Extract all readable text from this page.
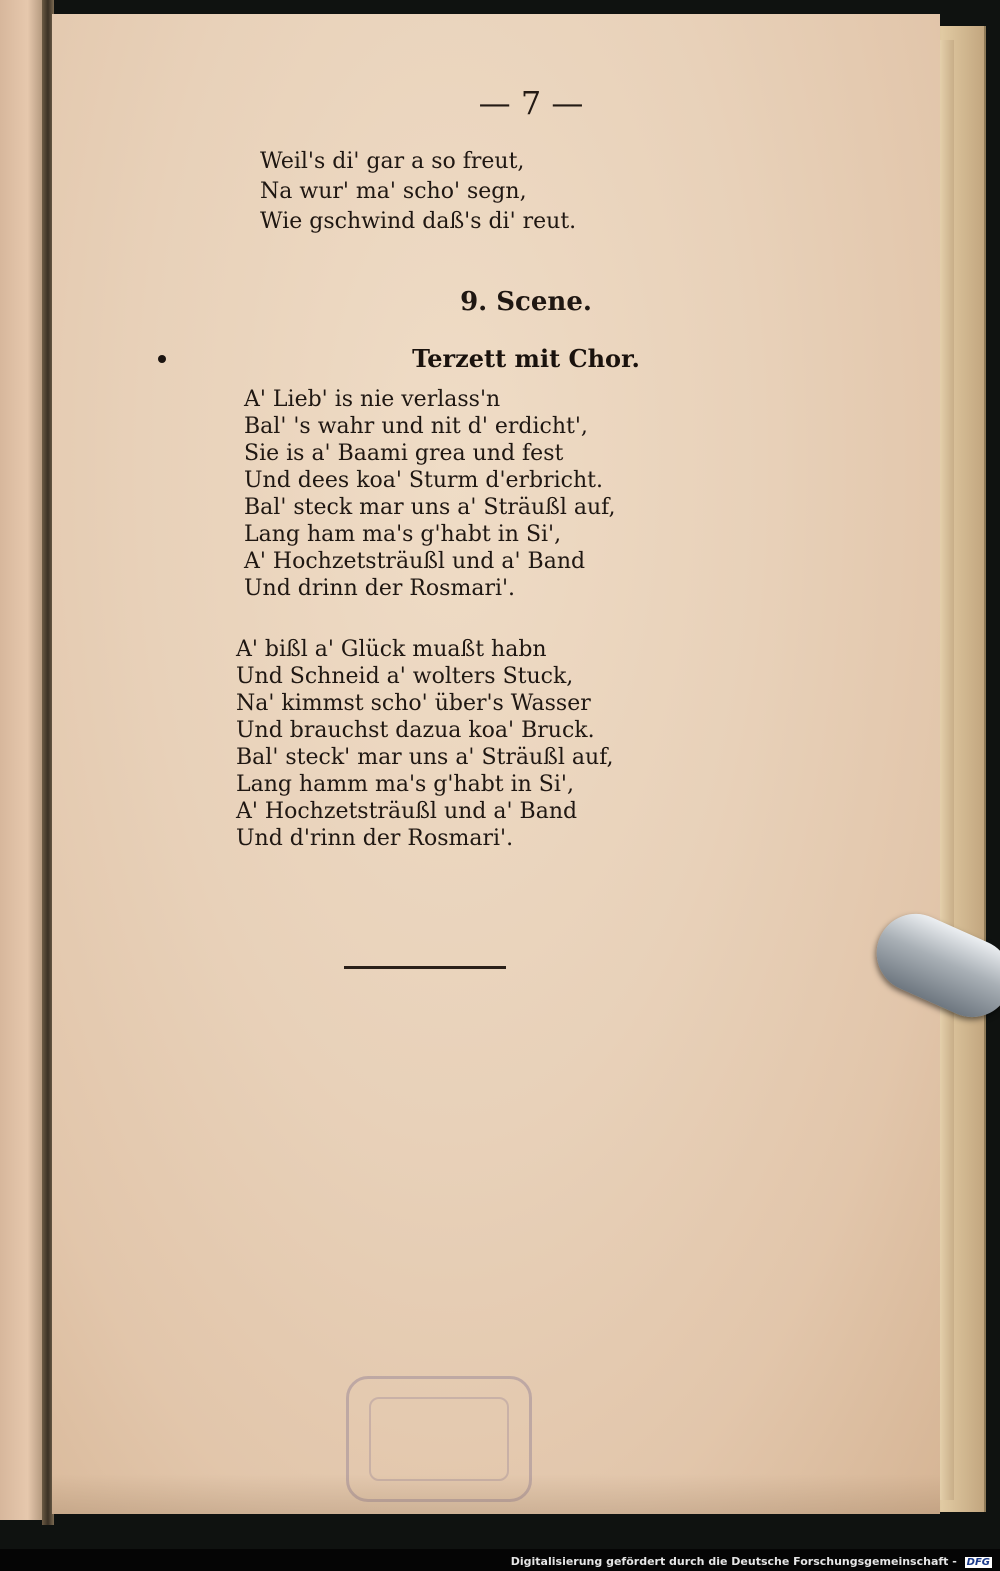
— 7 —
Weil's di' gar a so freut,
Na wur' ma' scho' segn,
Wie gschwind daß's di' reut.
9. Scene.
Terzett mit Chor.
A' Lieb' is nie verlass'n
Bal' 's wahr und nit d' erdicht',
Sie is a' Baami grea und fest
Und dees koa' Sturm d'erbricht.
Bal' steck mar uns a' Sträußl auf,
Lang ham ma's g'habt in Si',
A' Hochzetsträußl und a' Band
Und drinn der Rosmari'.
A' bißl a' Glück muaßt habn
Und Schneid a' wolters Stuck,
Na' kimmst scho' über's Wasser
Und brauchst dazua koa' Bruck.
Bal' steck' mar uns a' Sträußl auf,
Lang hamm ma's g'habt in Si',
A' Hochzetsträußl und a' Band
Und d'rinn der Rosmari'.
Digitalisierung gefördert durch die Deutsche Forschungsgemeinschaft - DFG
